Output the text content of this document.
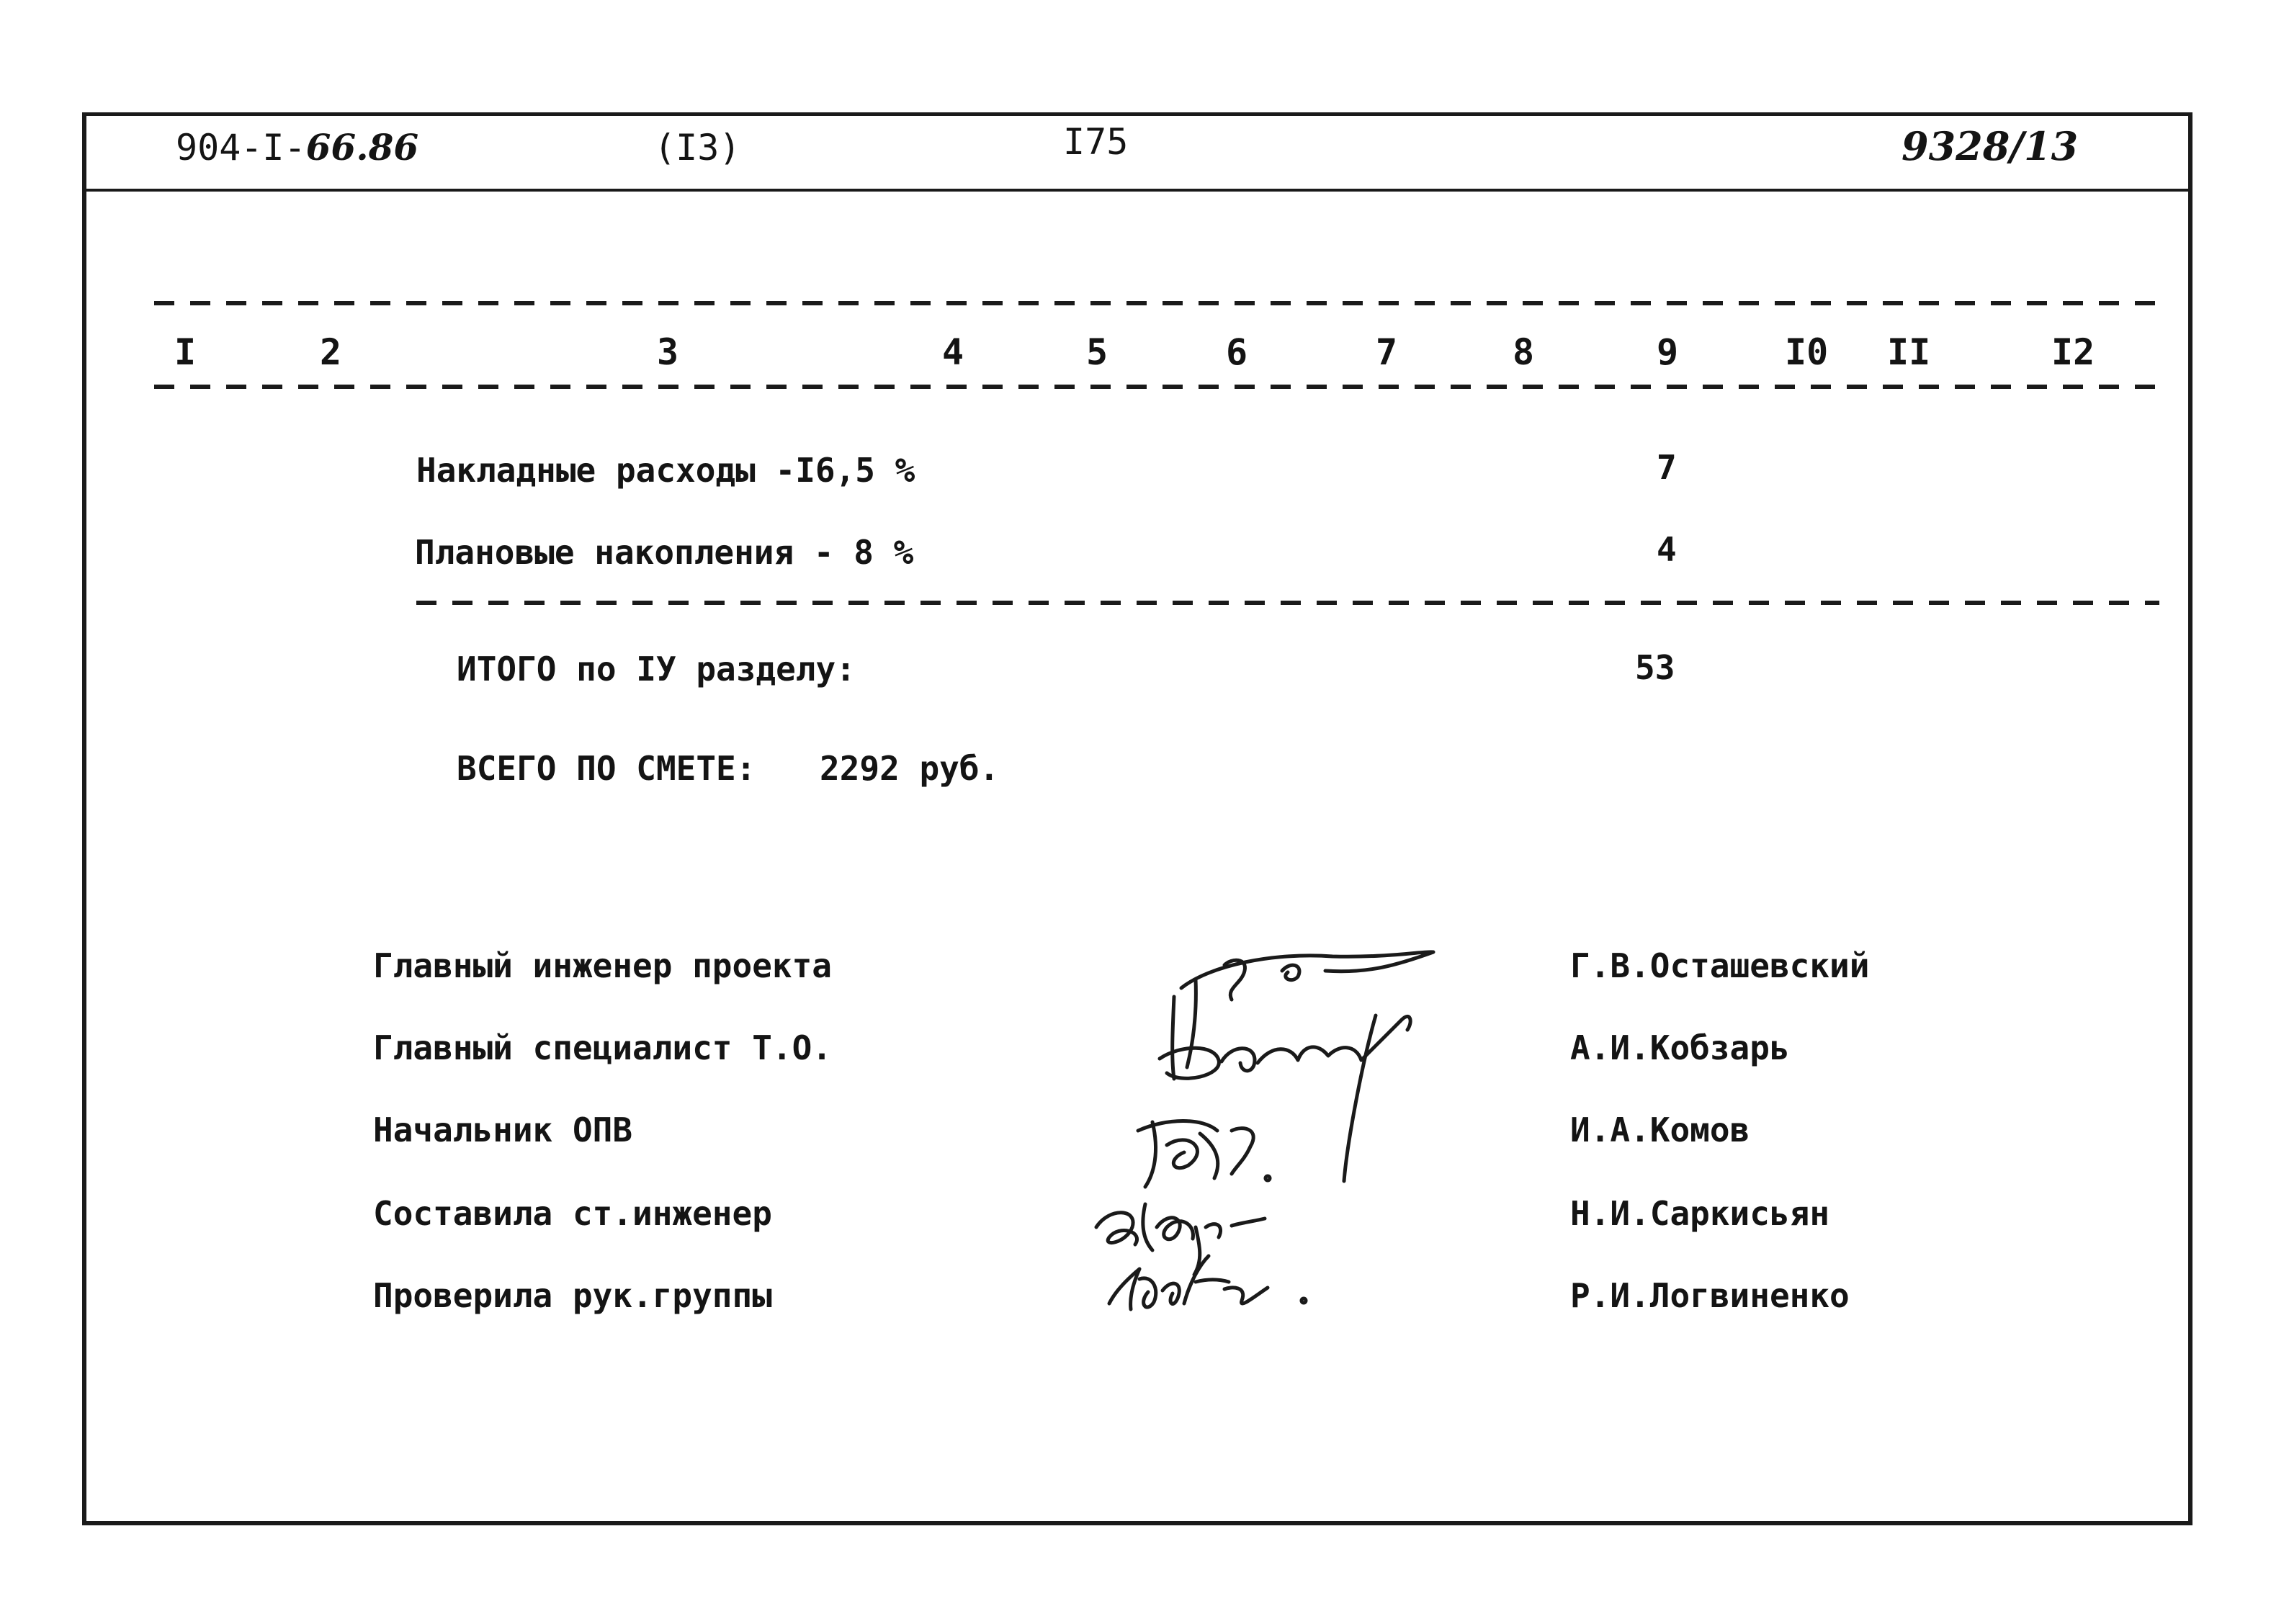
904-I-66.86	(I3)	I75	9328/13
I	2	3	4	5	6	7	8	9	I0 II	I2
Накладные расходы -I6,5 %	7
Плановые накопления - 8 %	4
ИТОГО по IУ разделу:	53
ВСЕГО ПО СМЕТЕ: 2292 руб.
Главный инженер проекта	Г.В.Осташевский
Главный специалист Т.О.	А.И.Кобзарь
Начальник ОПВ	И.А.Комов
Составила ст.инженер	Н.И.Саркисьян
Проверила рук.группы	Р.И.Логвиненко
